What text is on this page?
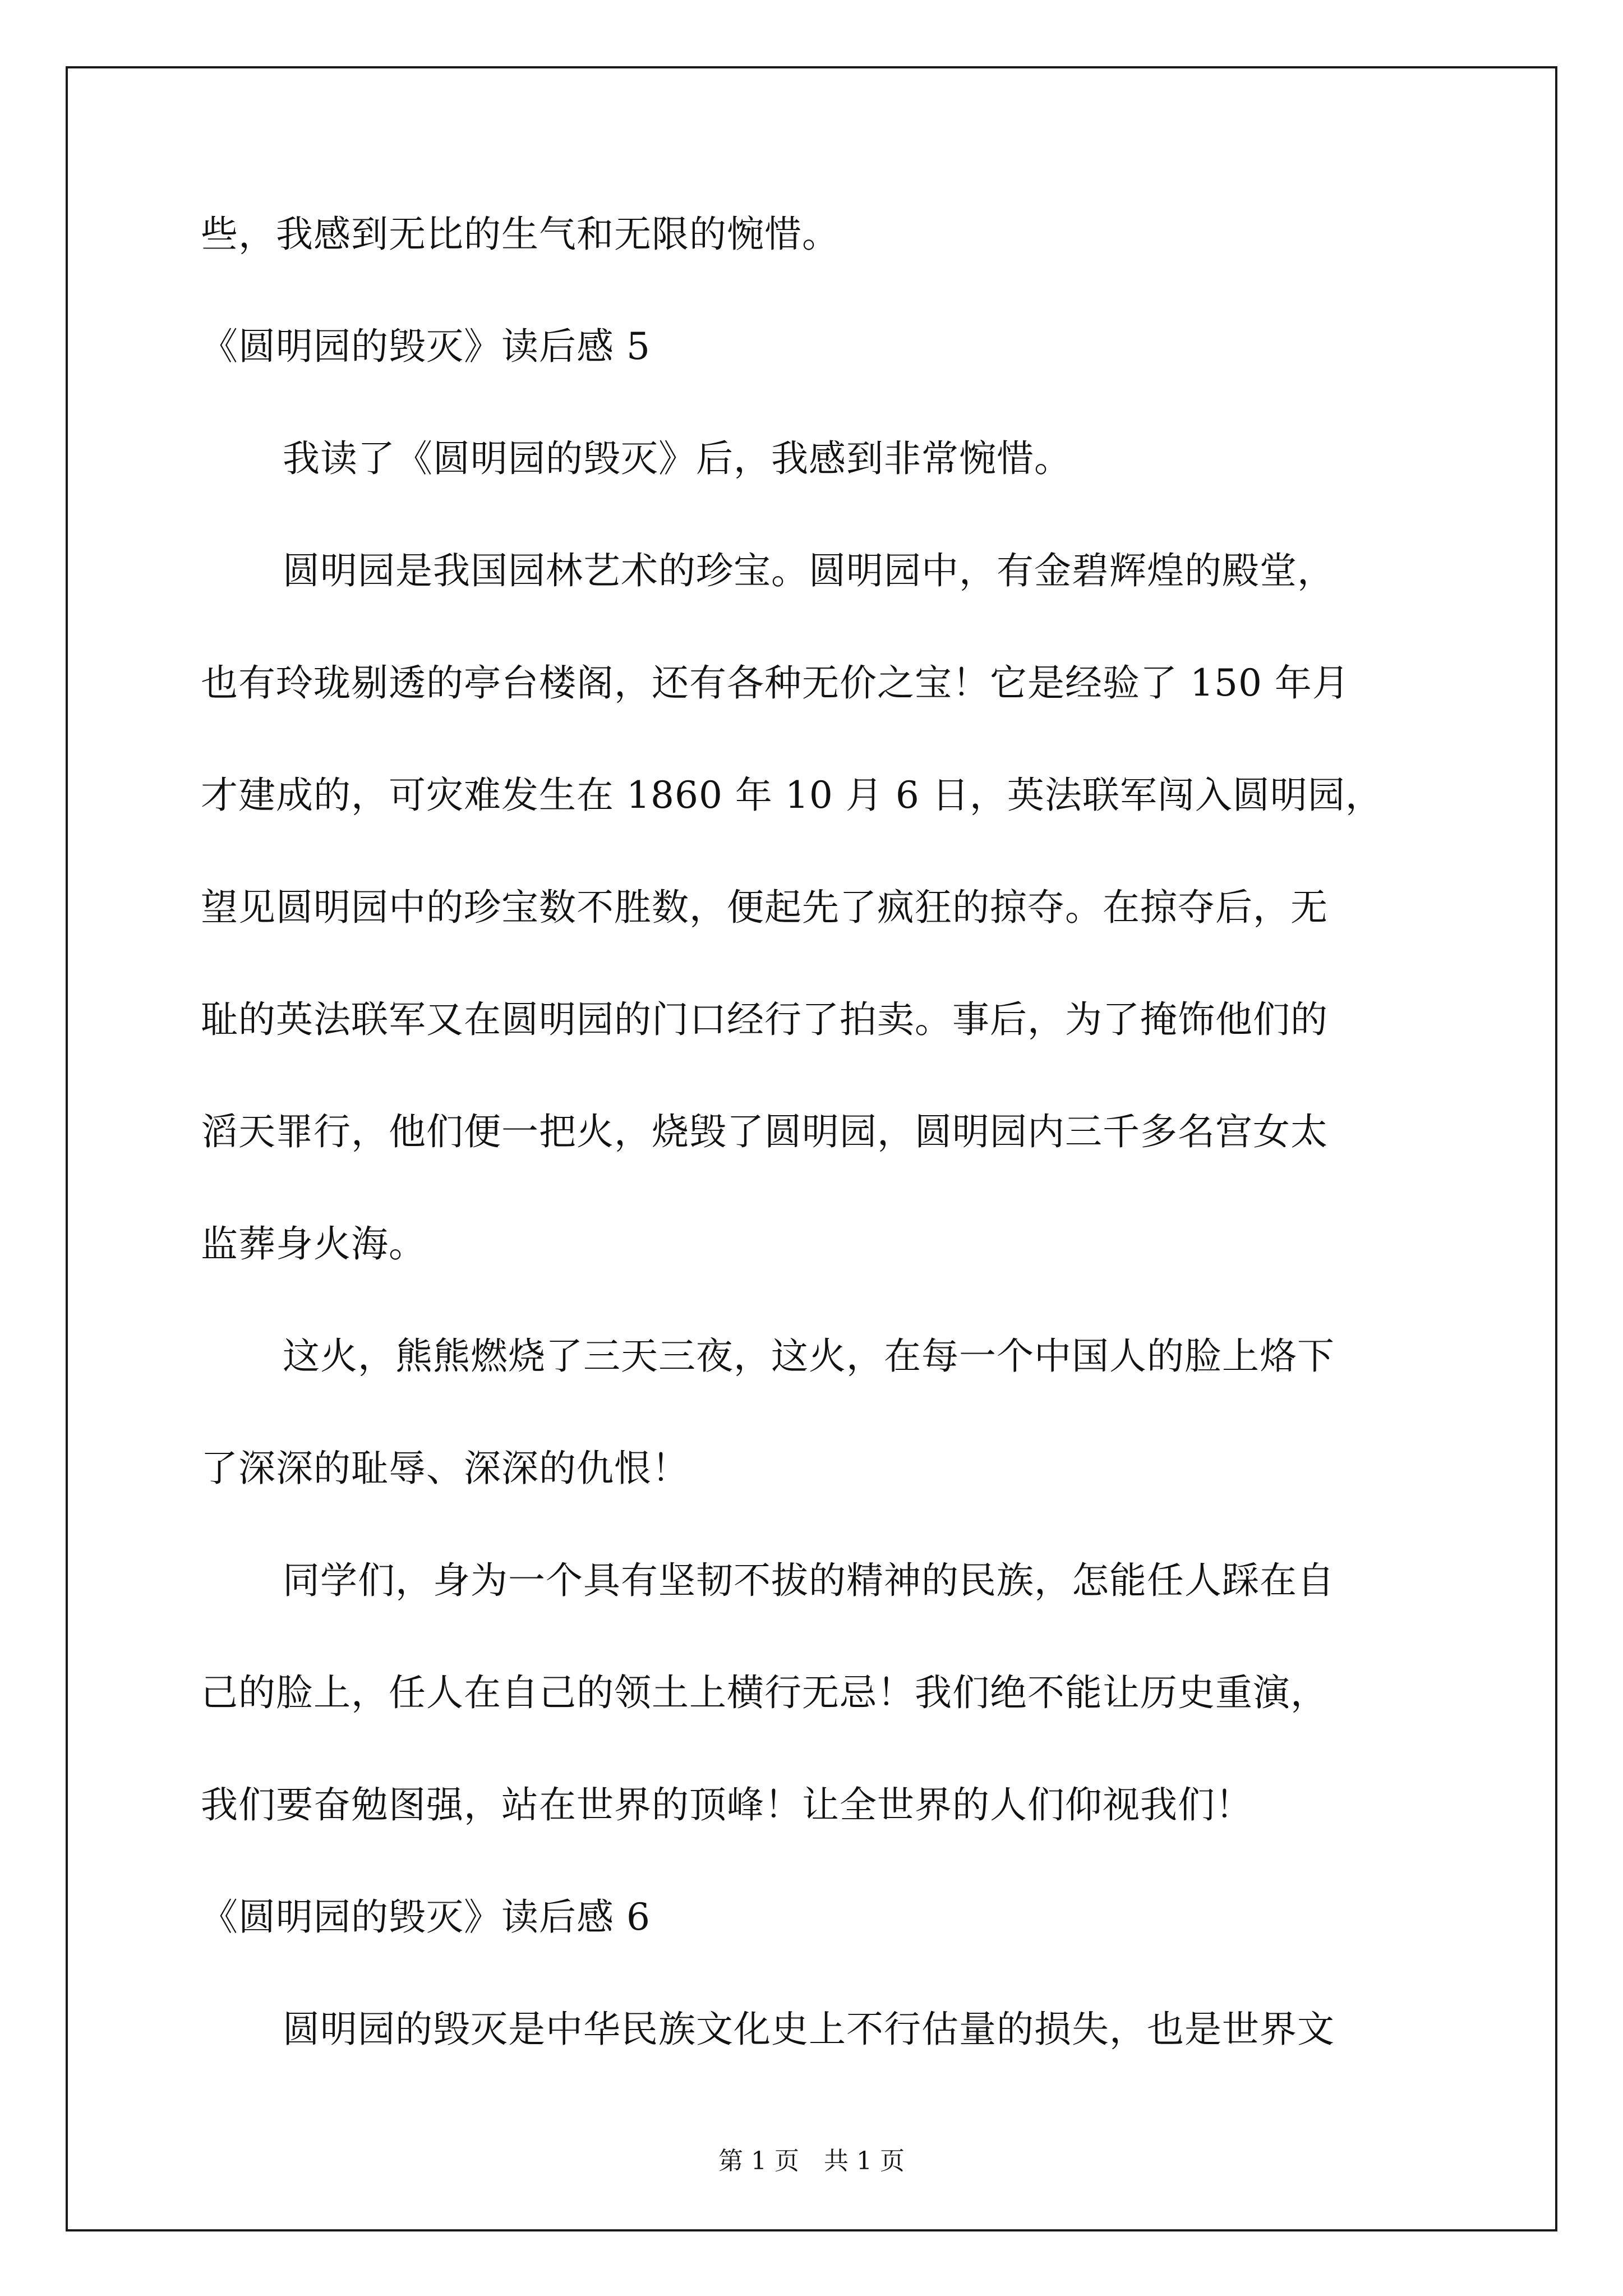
些，我感到无比的生气和无限的惋惜。
《圆明园的毁灭》读后感 5
我读了《圆明园的毁灭》后，我感到非常惋惜。
圆明园是我国园林艺术的珍宝。圆明园中，有金碧辉煌的殿堂，
也有玲珑剔透的亭台楼阁，还有各种无价之宝！它是经验了 150 年月
才建成的，可灾难发生在 1860 年 10 月 6 日，英法联军闯入圆明园，
望见圆明园中的珍宝数不胜数，便起先了疯狂的掠夺。在掠夺后，无
耻的英法联军又在圆明园的门口经行了拍卖。事后，为了掩饰他们的
滔天罪行，他们便一把火，烧毁了圆明园，圆明园内三千多名宫女太
监葬身火海。
这火，熊熊燃烧了三天三夜，这火，在每一个中国人的脸上烙下
了深深的耻辱、深深的仇恨！
同学们，身为一个具有坚韧不拔的精神的民族，怎能任人踩在自
己的脸上，任人在自己的领土上横行无忌！我们绝不能让历史重演，
我们要奋勉图强，站在世界的顶峰！让全世界的人们仰视我们！
《圆明园的毁灭》读后感 6
圆明园的毁灭是中华民族文化史上不行估量的损失，也是世界文
第 1 页 共 1 页
